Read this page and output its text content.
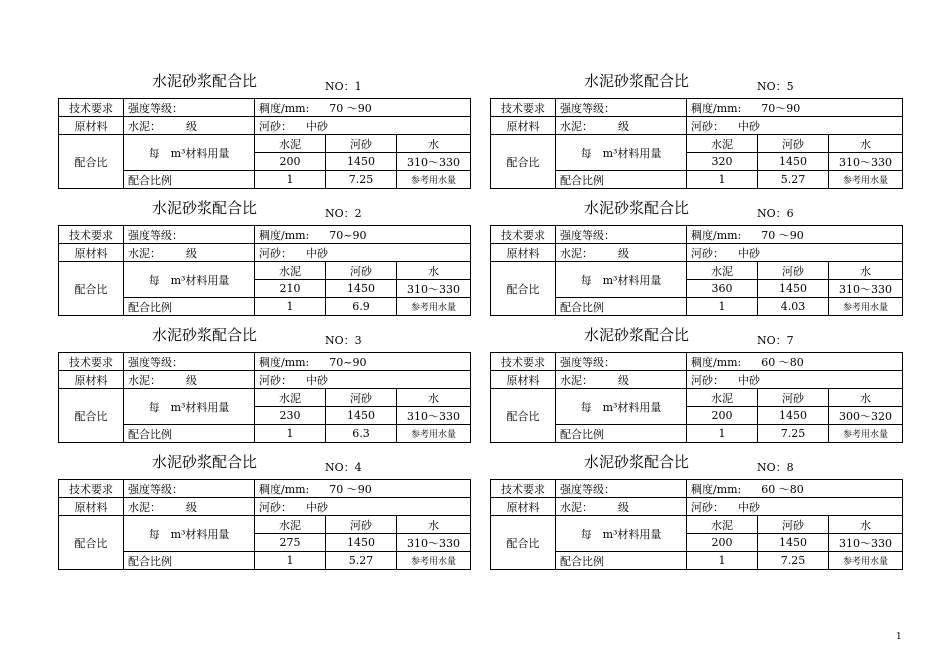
水泥砂浆配合比	NO：1
技术要求	强度等级：	稠度/mm: 70 ～90		
原材料	水泥： 级	河砂： 中砂		
配合比	每　m³材料用量	水泥	河砂	水
		200	1450	310～330
	配合比例	1	7.25	参考用水量
水泥砂浆配合比	NO：2
技术要求	强度等级：	稠度/mm: 70~90		
原材料	水泥： 级	河砂： 中砂		
配合比	每　m³材料用量	水泥	河砂	水
		210	1450	310～330
	配合比例	1	6.9	参考用水量
水泥砂浆配合比	NO：3
技术要求	强度等级：	稠度/mm: 70~90		
原材料	水泥： 级	河砂： 中砂		
配合比	每　m³材料用量	水泥	河砂	水
		230	1450	310～330
	配合比例	1	6.3	参考用水量
水泥砂浆配合比	NO：4
技术要求	强度等级：	稠度/mm: 70 ～90		
原材料	水泥： 级	河砂： 中砂		
配合比	每　m³材料用量	水泥	河砂	水
		275	1450	310～330
	配合比例	1	5.27	参考用水量
水泥砂浆配合比	NO：5
技术要求	强度等级：	稠度/mm: 70～90		
原材料	水泥： 级	河砂： 中砂		
配合比	每　m³材料用量	水泥	河砂	水
		320	1450	310～330
	配合比例	1	5.27	参考用水量
水泥砂浆配合比	NO：6
技术要求	强度等级：	稠度/mm: 70 ～90		
原材料	水泥： 级	河砂： 中砂		
配合比	每　m³材料用量	水泥	河砂	水
		360	1450	310～330
	配合比例	1	4.03	参考用水量
水泥砂浆配合比	NO：7
技术要求	强度等级：	稠度/mm: 60 ～80		
原材料	水泥： 级	河砂： 中砂		
配合比	每　m³材料用量	水泥	河砂	水
		200	1450	300～320
	配合比例	1	7.25	参考用水量
水泥砂浆配合比	NO：8
技术要求	强度等级：	稠度/mm: 60 ～80		
原材料	水泥： 级	河砂： 中砂		
配合比	每　m³材料用量	水泥	河砂	水
		200	1450	310～330
	配合比例	1	7.25	参考用水量
1
